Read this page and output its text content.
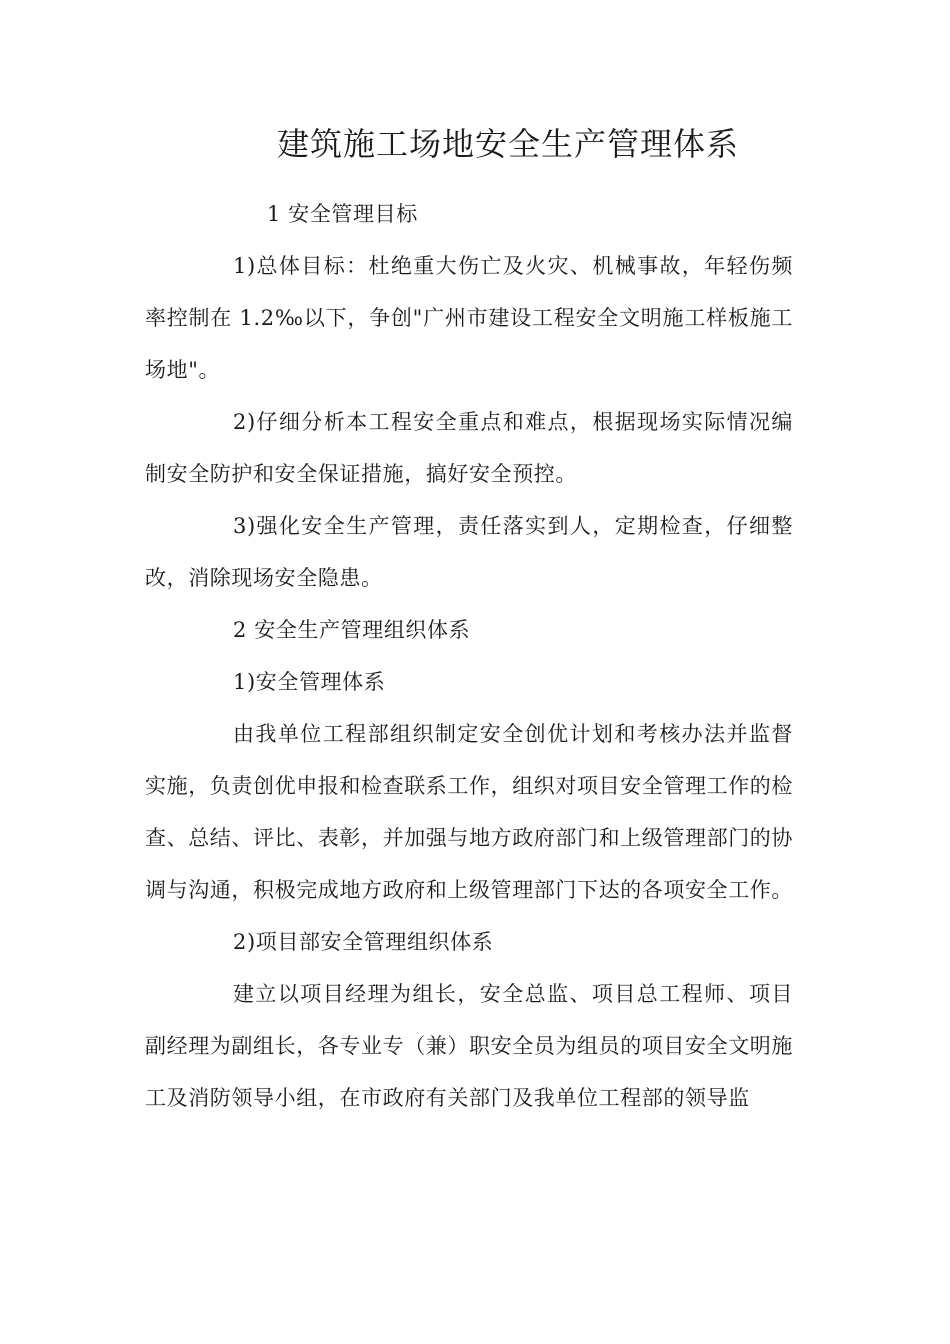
建筑施工场地安全生产管理体系

1 安全管理目标

1)总体目标：杜绝重大伤亡及火灾、机械事故，年轻伤频率控制在 1.2‰以下，争创"广州市建设工程安全文明施工样板施工场地"。

2)仔细分析本工程安全重点和难点，根据现场实际情况编制安全防护和安全保证措施，搞好安全预控。

3)强化安全生产管理，责任落实到人，定期检查，仔细整改，消除现场安全隐患。

2 安全生产管理组织体系

1)安全管理体系

由我单位工程部组织制定安全创优计划和考核办法并监督实施，负责创优申报和检查联系工作，组织对项目安全管理工作的检查、总结、评比、表彰，并加强与地方政府部门和上级管理部门的协调与沟通，积极完成地方政府和上级管理部门下达的各项安全工作。

2)项目部安全管理组织体系

建立以项目经理为组长，安全总监、项目总工程师、项目副经理为副组长，各专业专（兼）职安全员为组员的项目安全文明施工及消防领导小组，在市政府有关部门及我单位工程部的领导监
